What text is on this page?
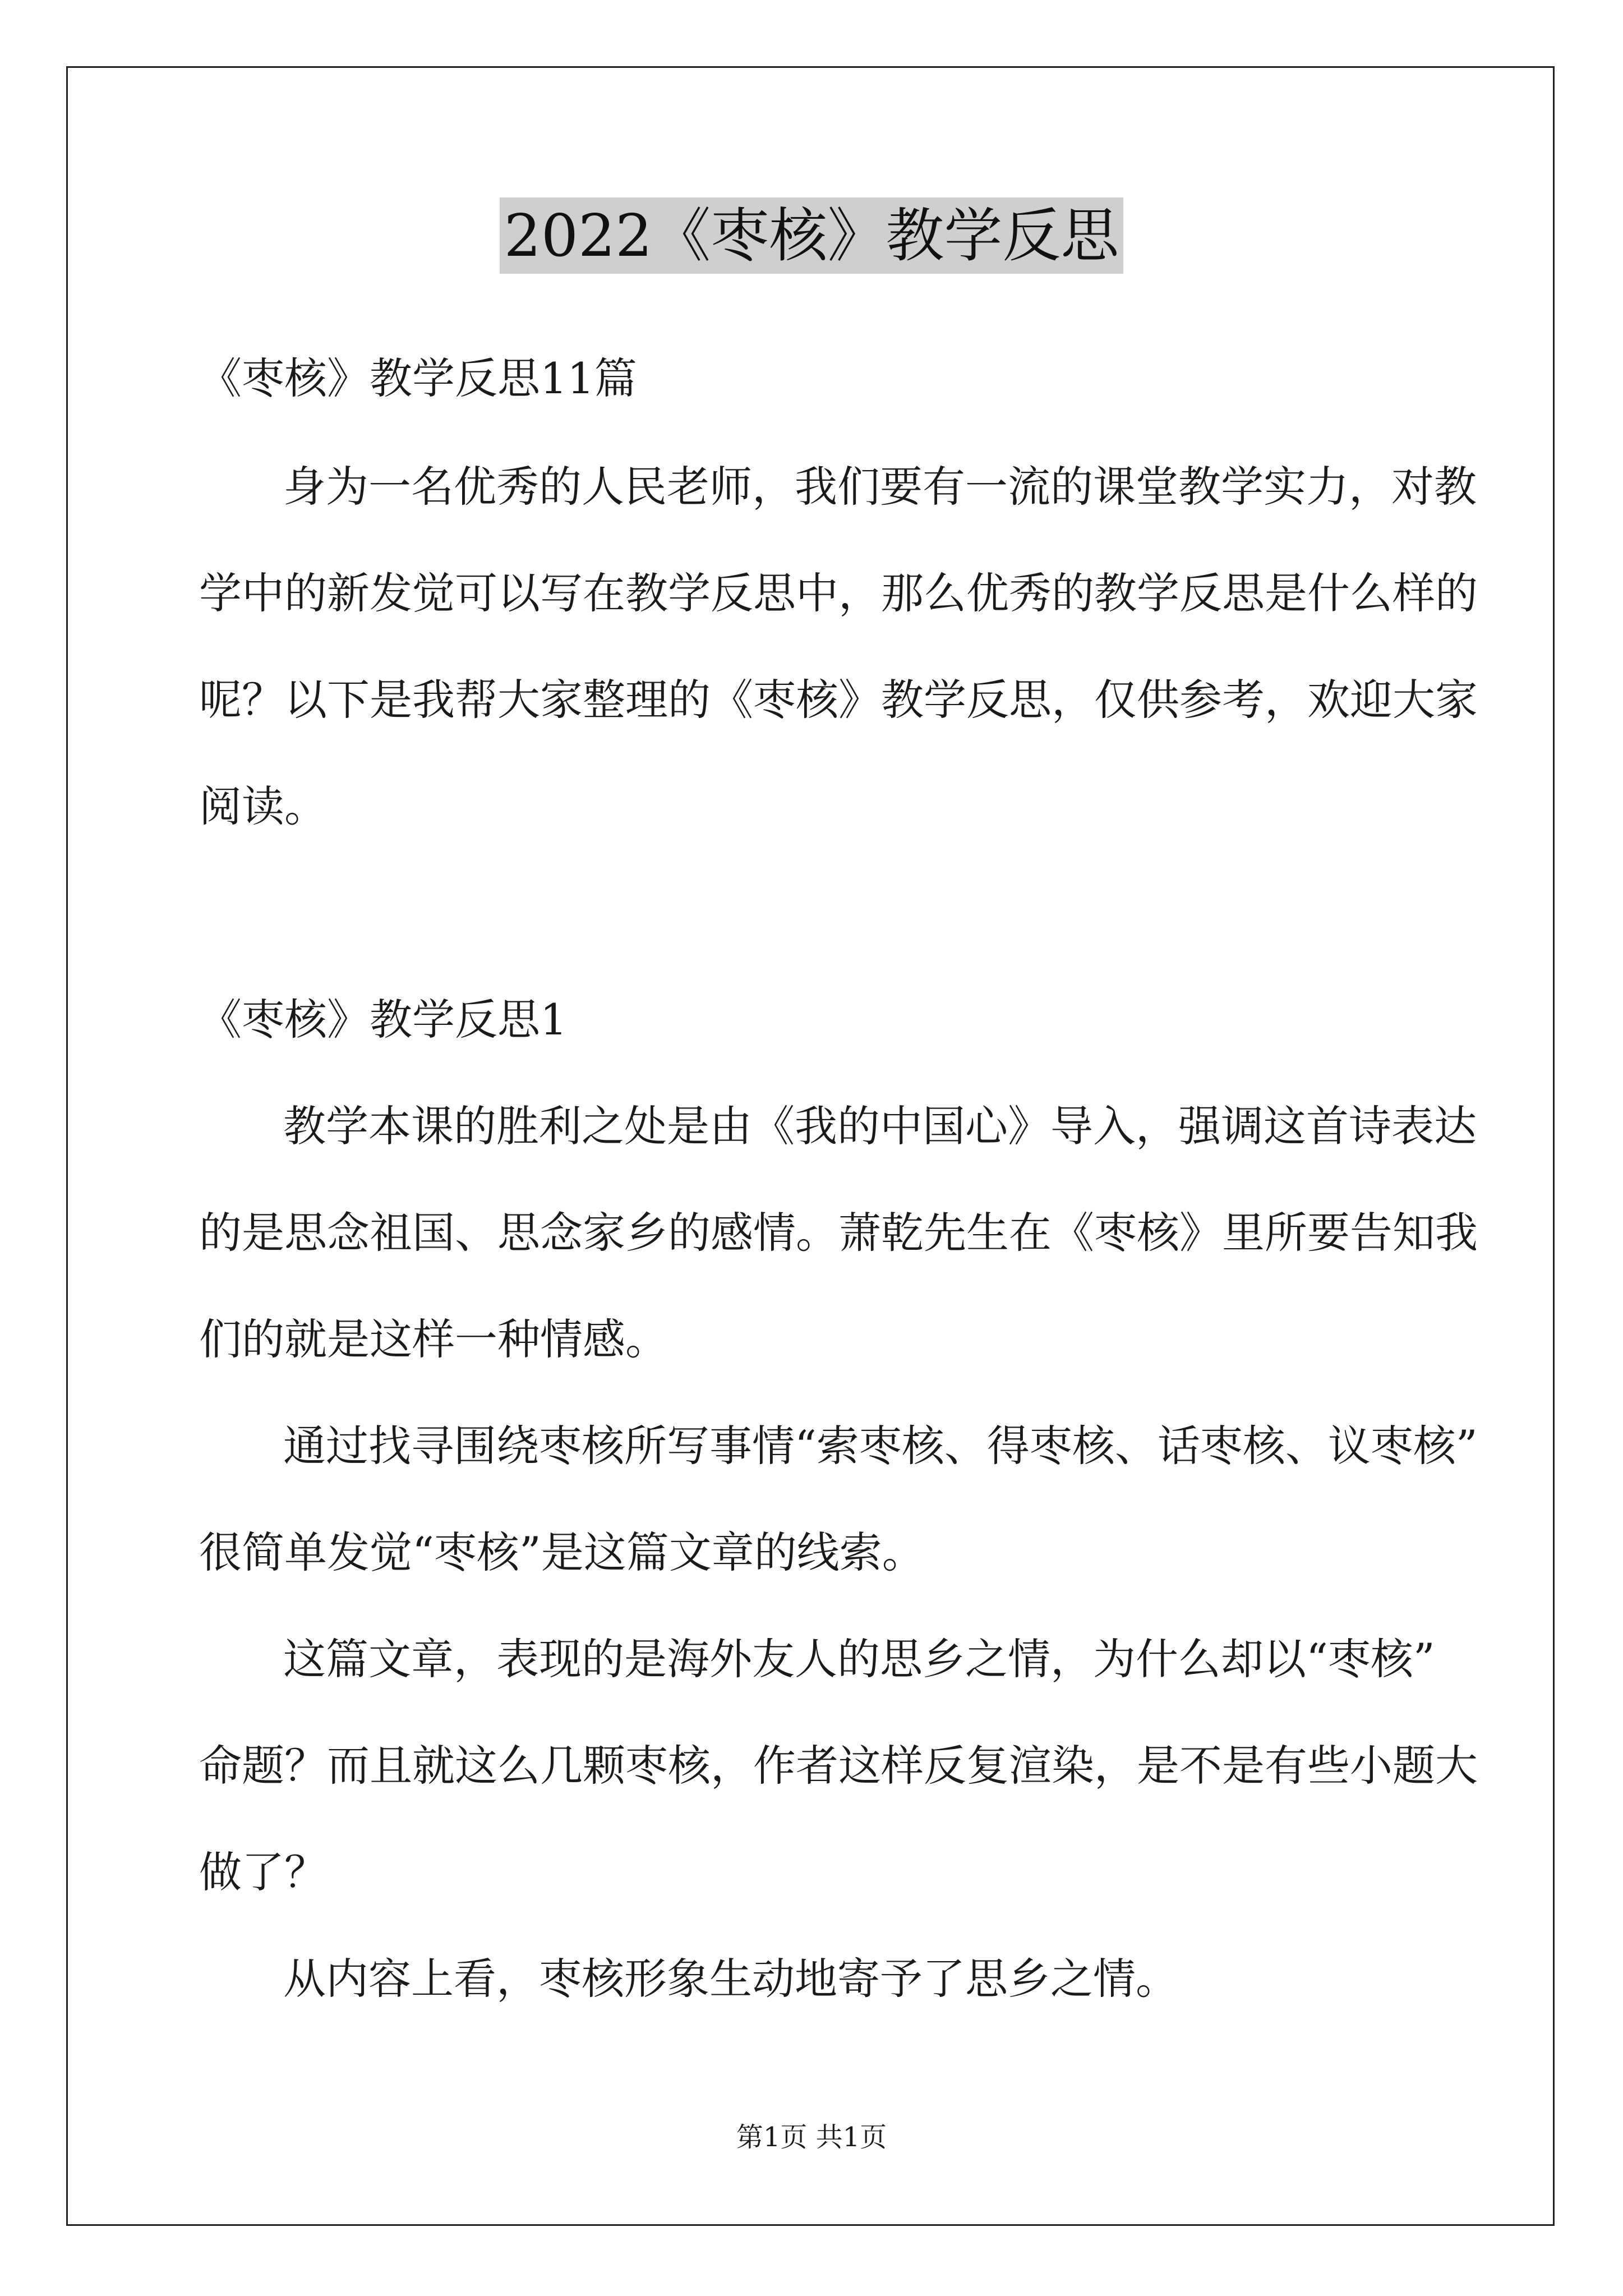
2022《枣核》教学反思
《枣核》教学反思11篇
身为一名优秀的人民老师，我们要有一流的课堂教学实力，对教
学中的新发觉可以写在教学反思中，那么优秀的教学反思是什么样的
呢？以下是我帮大家整理的《枣核》教学反思，仅供参考，欢迎大家
阅读。
《枣核》教学反思1
教学本课的胜利之处是由《我的中国心》导入，强调这首诗表达
的是思念祖国、思念家乡的感情。萧乾先生在《枣核》里所要告知我
们的就是这样一种情感。
通过找寻围绕枣核所写事情“索枣核、得枣核、话枣核、议枣核”
很简单发觉“枣核”是这篇文章的线索。
这篇文章，表现的是海外友人的思乡之情，为什么却以“枣核”
命题？而且就这么几颗枣核，作者这样反复渲染，是不是有些小题大
做了？
从内容上看，枣核形象生动地寄予了思乡之情。
第1页 共1页
